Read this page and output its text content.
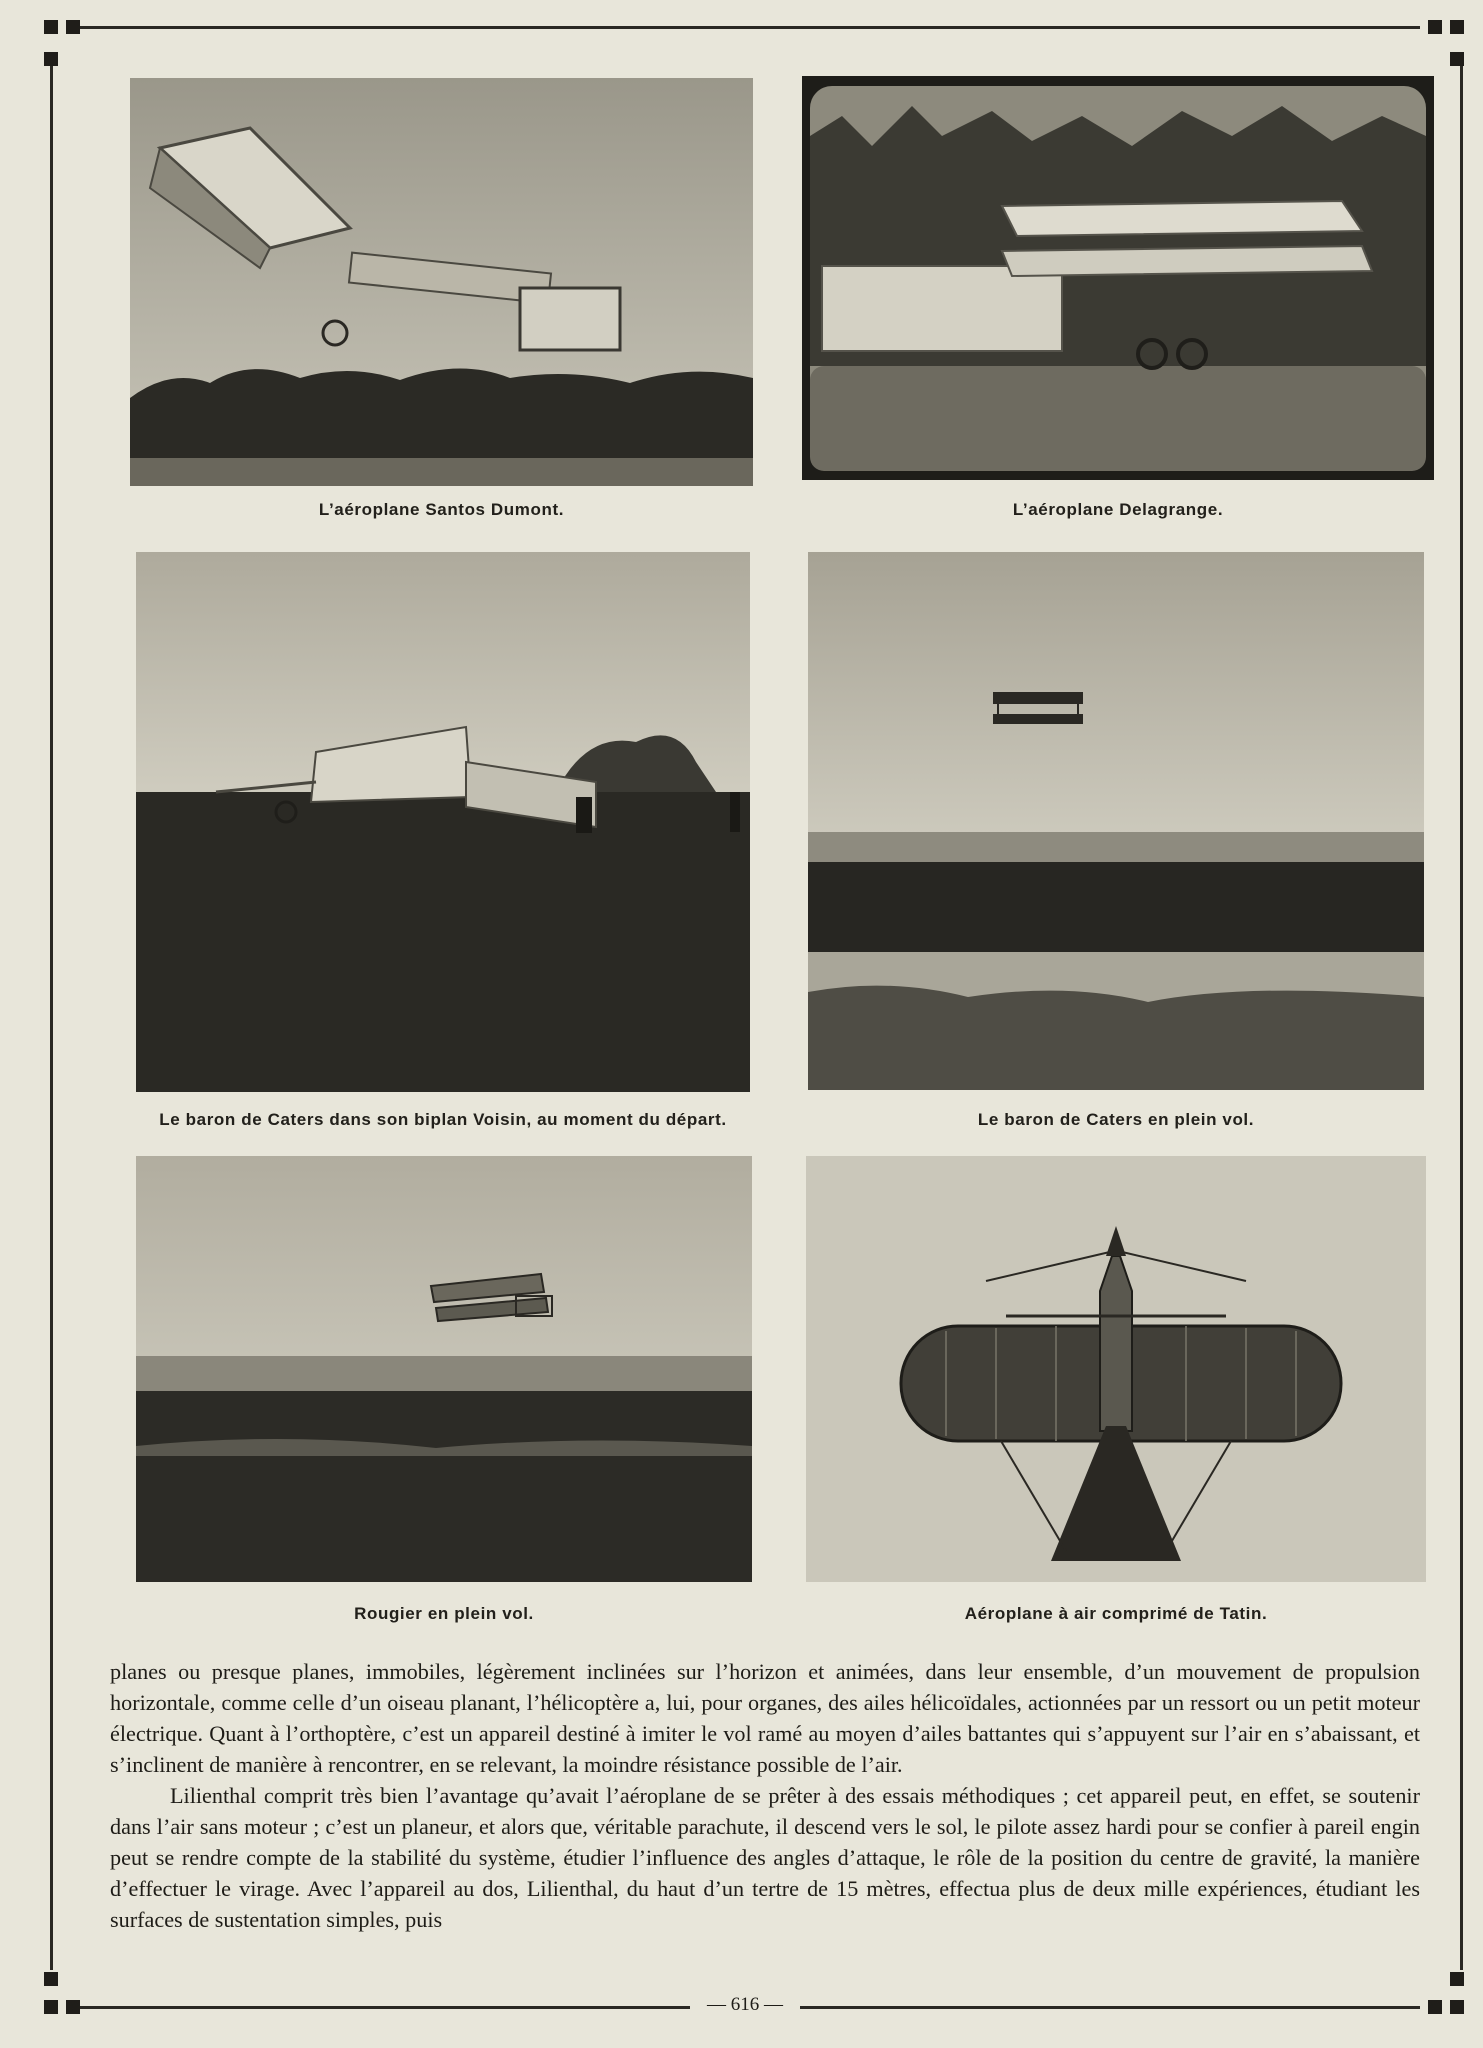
L’aéroplane Santos Dumont.	L’aéroplane Delagrange.
Le baron de Caters dans son biplan Voisin, au moment du départ.	Le baron de Caters en plein vol.
Rougier en plein vol.	Aéroplane à air comprimé de Tatin.

planes ou presque planes, immobiles, légèrement inclinées sur l’horizon et animées, dans leur ensemble, d’un mouvement de propulsion horizontale, comme celle d’un oiseau planant, l’hélicoptère a, lui, pour organes, des ailes hélicoïdales, actionnées par un ressort ou un petit moteur électrique. Quant à l’orthoptère, c’est un appareil destiné à imiter le vol ramé au moyen d’ailes battantes qui s’appuyent sur l’air en s’abaissant, et s’inclinent de manière à rencontrer, en se relevant, la moindre résistance possible de l’air.

Lilienthal comprit très bien l’avantage qu’avait l’aéroplane de se prêter à des essais méthodiques ; cet appareil peut, en effet, se soutenir dans l’air sans moteur ; c’est un planeur, et alors que, véritable parachute, il descend vers le sol, le pilote assez hardi pour se confier à pareil engin peut se rendre compte de la stabilité du système, étudier l’influence des angles d’attaque, le rôle de la position du centre de gravité, la manière d’effectuer le virage. Avec l’appareil au dos, Lilienthal, du haut d’un tertre de 15 mètres, effectua plus de deux mille expériences, étudiant les surfaces de sustentation simples, puis

— 616 —
